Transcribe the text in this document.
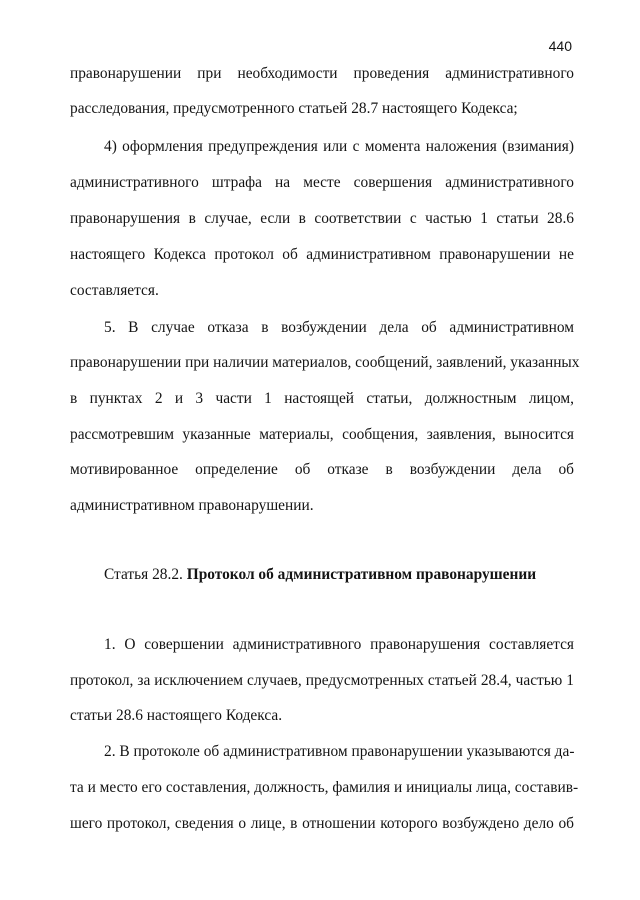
440
правонарушении при необходимости проведения административного
расследования, предусмотренного статьей 28.7 настоящего Кодекса;
4) оформления предупреждения или с момента наложения (взимания)
административного штрафа на месте совершения административного
правонарушения в случае, если в соответствии с частью 1 статьи 28.6
настоящего Кодекса протокол об административном правонарушении не
составляется.
5. В случае отказа в возбуждении дела об административном
правонарушении при наличии материалов, сообщений, заявлений, указанных
в пунктах 2 и 3 части 1 настоящей статьи, должностным лицом,
рассмотревшим указанные материалы, сообщения, заявления, выносится
мотивированное определение об отказе в возбуждении дела об
административном правонарушении.
Статья 28.2. Протокол об административном правонарушении
1. О совершении административного правонарушения составляется
протокол, за исключением случаев, предусмотренных статьей 28.4, частью 1
статьи 28.6 настоящего Кодекса.
2. В протоколе об административном правонарушении указываются да-
та и место его составления, должность, фамилия и инициалы лица, составив-
шего протокол, сведения о лице, в отношении которого возбуждено дело об
